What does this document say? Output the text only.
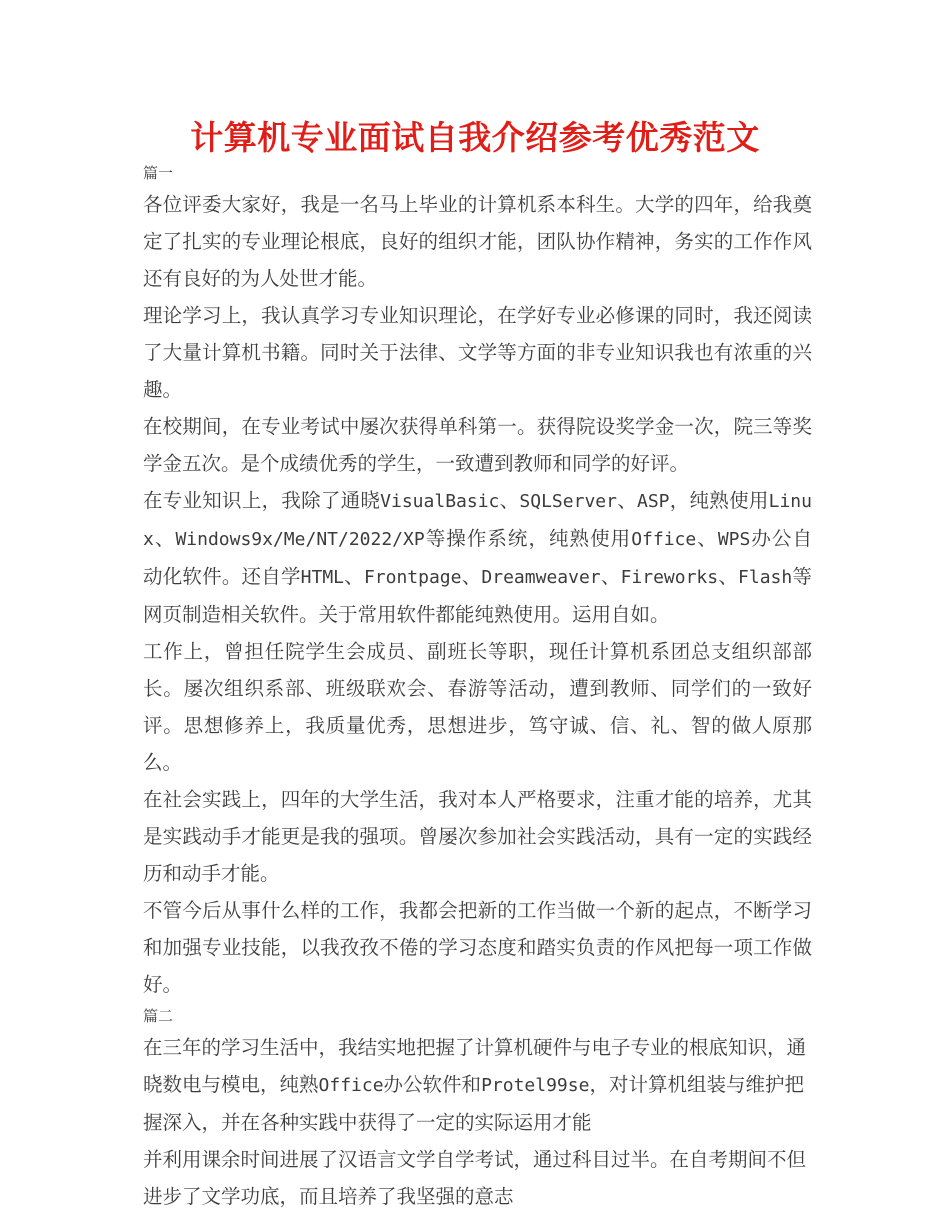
计算机专业面试自我介绍参考优秀范文

篇一

各位评委大家好，我是一名马上毕业的计算机系本科生。大学的四年，给我奠定了扎实的专业理论根底，良好的组织才能，团队协作精神，务实的工作作风还有良好的为人处世才能。

理论学习上，我认真学习专业知识理论，在学好专业必修课的同时，我还阅读了大量计算机书籍。同时关于法律、文学等方面的非专业知识我也有浓重的兴趣。

在校期间，在专业考试中屡次获得单科第一。获得院设奖学金一次，院三等奖学金五次。是个成绩优秀的学生，一致遭到教师和同学的好评。

在专业知识上，我除了通晓VisualBasic、SQLServer、ASP，纯熟使用Linux、Windows9x/Me/NT/2022/XP等操作系统，纯熟使用Office、WPS办公自动化软件。还自学HTML、Frontpage、Dreamweaver、Fireworks、Flash等网页制造相关软件。关于常用软件都能纯熟使用。运用自如。

工作上，曾担任院学生会成员、副班长等职，现任计算机系团总支组织部部长。屡次组织系部、班级联欢会、春游等活动，遭到教师、同学们的一致好评。思想修养上，我质量优秀，思想进步，笃守诚、信、礼、智的做人原那么。

在社会实践上，四年的大学生活，我对本人严格要求，注重才能的培养，尤其是实践动手才能更是我的强项。曾屡次参加社会实践活动，具有一定的实践经历和动手才能。

不管今后从事什么样的工作，我都会把新的工作当做一个新的起点，不断学习和加强专业技能，以我孜孜不倦的学习态度和踏实负责的作风把每一项工作做好。

篇二

在三年的学习生活中，我结实地把握了计算机硬件与电子专业的根底知识，通晓数电与模电，纯熟Office办公软件和Protel99se，对计算机组装与维护把握深入，并在各种实践中获得了一定的实际运用才能

并利用课余时间进展了汉语言文学自学考试，通过科目过半。在自考期间不但进步了文学功底，而且培养了我坚强的意志
